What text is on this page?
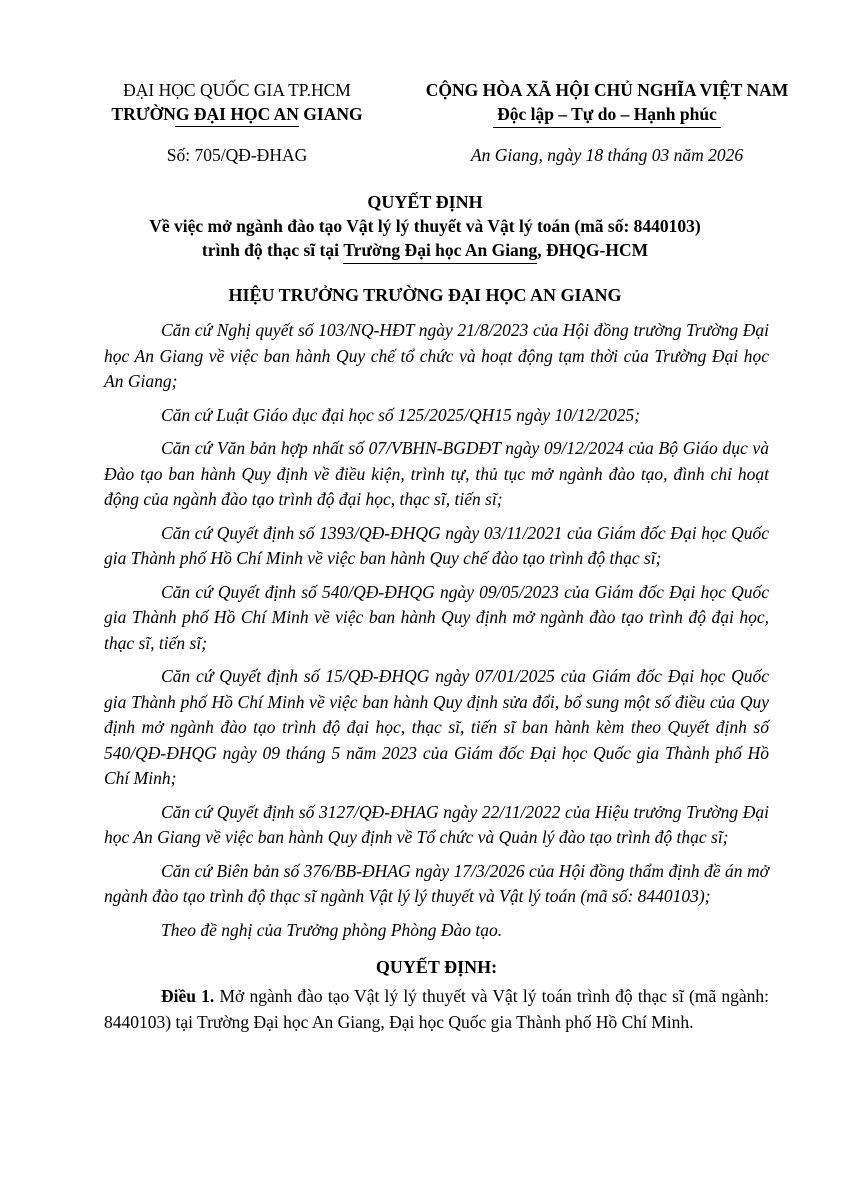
ĐẠI HỌC QUỐC GIA TP.HCM
TRƯỜNG ĐẠI HỌC AN GIANG
CỘNG HÒA XÃ HỘI CHỦ NGHĨA VIỆT NAM
Độc lập – Tự do – Hạnh phúc
Số: 705/QĐ-ĐHAG	An Giang, ngày 18 tháng 03 năm 2026
QUYẾT ĐỊNH
Về việc mở ngành đào tạo Vật lý lý thuyết và Vật lý toán (mã số: 8440103)
trình độ thạc sĩ tại Trường Đại học An Giang, ĐHQG-HCM
HIỆU TRƯỞNG TRƯỜNG ĐẠI HỌC AN GIANG

Căn cứ Nghị quyết số 103/NQ-HĐT ngày 21/8/2023 của Hội đồng trường Trường Đại học An Giang về việc ban hành Quy chế tổ chức và hoạt động tạm thời của Trường Đại học An Giang;

Căn cứ Luật Giáo dục đại học số 125/2025/QH15 ngày 10/12/2025;

Căn cứ Văn bản hợp nhất số 07/VBHN-BGDĐT ngày 09/12/2024 của Bộ Giáo dục và Đào tạo ban hành Quy định về điều kiện, trình tự, thủ tục mở ngành đào tạo, đình chỉ hoạt động của ngành đào tạo trình độ đại học, thạc sĩ, tiến sĩ;

Căn cứ Quyết định số 1393/QĐ-ĐHQG ngày 03/11/2021 của Giám đốc Đại học Quốc gia Thành phố Hồ Chí Minh về việc ban hành Quy chế đào tạo trình độ thạc sĩ;

Căn cứ Quyết định số 540/QĐ-ĐHQG ngày 09/05/2023 của Giám đốc Đại học Quốc gia Thành phố Hồ Chí Minh về việc ban hành Quy định mở ngành đào tạo trình độ đại học, thạc sĩ, tiến sĩ;

Căn cứ Quyết định số 15/QĐ-ĐHQG ngày 07/01/2025 của Giám đốc Đại học Quốc gia Thành phố Hồ Chí Minh về việc ban hành Quy định sửa đổi, bổ sung một số điều của Quy định mở ngành đào tạo trình độ đại học, thạc sĩ, tiến sĩ ban hành kèm theo Quyết định số 540/QĐ-ĐHQG ngày 09 tháng 5 năm 2023 của Giám đốc Đại học Quốc gia Thành phố Hồ Chí Minh;

Căn cứ Quyết định số 3127/QĐ-ĐHAG ngày 22/11/2022 của Hiệu trưởng Trường Đại học An Giang về việc ban hành Quy định về Tổ chức và Quản lý đào tạo trình độ thạc sĩ;

Căn cứ Biên bản số 376/BB-ĐHAG ngày 17/3/2026 của Hội đồng thẩm định đề án mở ngành đào tạo trình độ thạc sĩ ngành Vật lý lý thuyết và Vật lý toán (mã số: 8440103);

Theo đề nghị của Trưởng phòng Phòng Đào tạo.

QUYẾT ĐỊNH:

Điều 1. Mở ngành đào tạo Vật lý lý thuyết và Vật lý toán trình độ thạc sĩ (mã ngành: 8440103) tại Trường Đại học An Giang, Đại học Quốc gia Thành phố Hồ Chí Minh.
